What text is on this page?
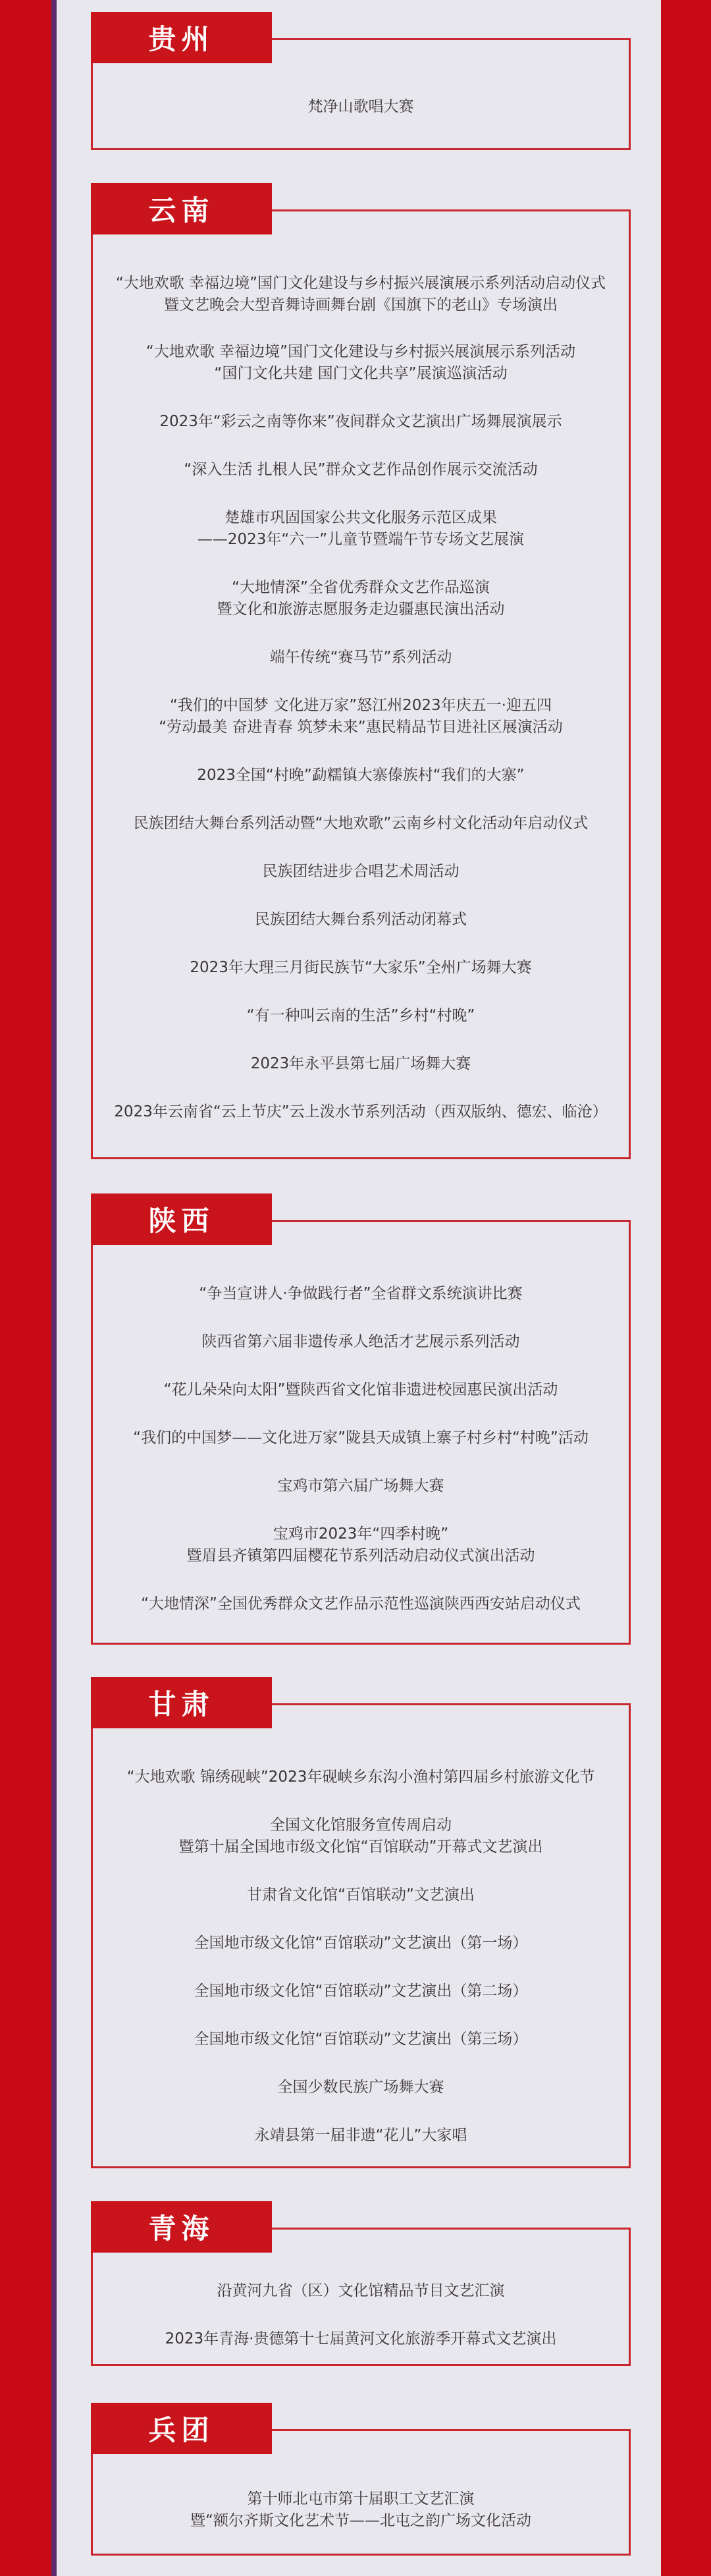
贵州
梵净山歌唱大赛
云南
“大地欢歌 幸福边境”国门文化建设与乡村振兴展演展示系列活动启动仪式
暨文艺晚会大型音舞诗画舞台剧《国旗下的老山》专场演出
“大地欢歌 幸福边境”国门文化建设与乡村振兴展演展示系列活动
“国门文化共建 国门文化共享”展演巡演活动
2023年“彩云之南等你来”夜间群众文艺演出广场舞展演展示
“深入生活 扎根人民”群众文艺作品创作展示交流活动
楚雄市巩固国家公共文化服务示范区成果
——2023年“六一”儿童节暨端午节专场文艺展演
“大地情深”全省优秀群众文艺作品巡演
暨文化和旅游志愿服务走边疆惠民演出活动
端午传统“赛马节”系列活动
“我们的中国梦 文化进万家”怒江州2023年庆五一·迎五四
“劳动最美 奋进青春 筑梦未来”惠民精品节目进社区展演活动
2023全国“村晚”勐糯镇大寨傣族村“我们的大寨”
民族团结大舞台系列活动暨“大地欢歌”云南乡村文化活动年启动仪式
民族团结进步合唱艺术周活动
民族团结大舞台系列活动闭幕式
2023年大理三月街民族节“大家乐”全州广场舞大赛
“有一种叫云南的生活”乡村“村晚”
2023年永平县第七届广场舞大赛
2023年云南省“云上节庆”云上泼水节系列活动（西双版纳、德宏、临沧）
陕西
“争当宣讲人·争做践行者”全省群文系统演讲比赛
陕西省第六届非遗传承人绝活才艺展示系列活动
“花儿朵朵向太阳”暨陕西省文化馆非遗进校园惠民演出活动
“我们的中国梦——文化进万家”陇县天成镇上寨子村乡村“村晚”活动
宝鸡市第六届广场舞大赛
宝鸡市2023年“四季村晚”
暨眉县齐镇第四届樱花节系列活动启动仪式演出活动
“大地情深”全国优秀群众文艺作品示范性巡演陕西西安站启动仪式
甘肃
“大地欢歌 锦绣砚峡”2023年砚峡乡东沟小渔村第四届乡村旅游文化节
全国文化馆服务宣传周启动
暨第十届全国地市级文化馆“百馆联动”开幕式文艺演出
甘肃省文化馆“百馆联动”文艺演出
全国地市级文化馆“百馆联动”文艺演出（第一场）
全国地市级文化馆“百馆联动”文艺演出（第二场）
全国地市级文化馆“百馆联动”文艺演出（第三场）
全国少数民族广场舞大赛
永靖县第一届非遗“花儿”大家唱
青海
沿黄河九省（区）文化馆精品节目文艺汇演
2023年青海·贵德第十七届黄河文化旅游季开幕式文艺演出
兵团
第十师北屯市第十届职工文艺汇演
暨“额尔齐斯文化艺术节——北屯之韵广场文化活动
